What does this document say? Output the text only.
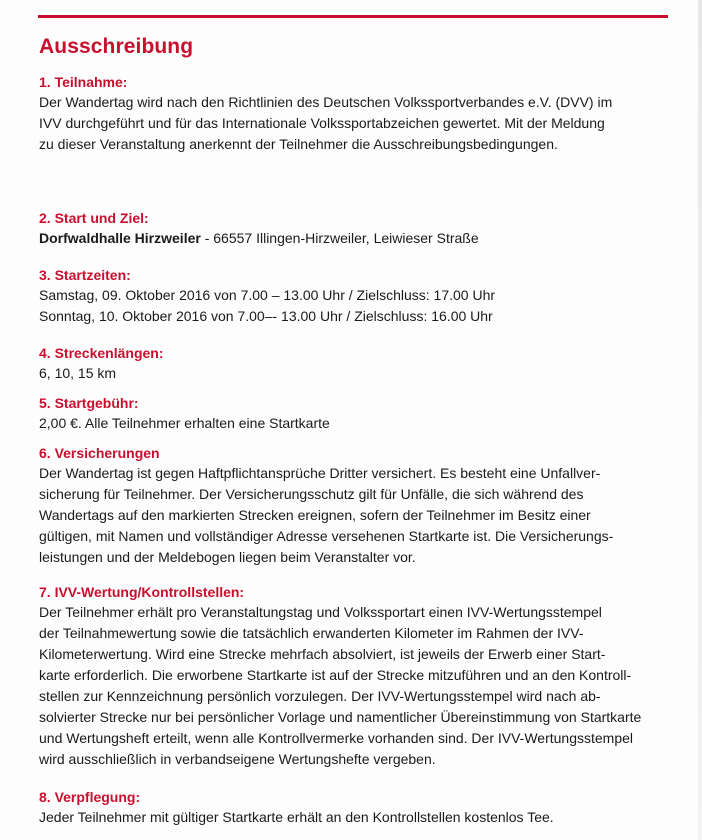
Ausschreibung

1. Teilnahme:

Der Wandertag wird nach den Richtlinien des Deutschen Volkssportverbandes e.V. (DVV) im

IVV durchgeführt und für das Internationale Volkssportabzeichen gewertet. Mit der Meldung

zu dieser Veranstaltung anerkennt der Teilnehmer die Ausschreibungsbedingungen.

2. Start und Ziel:

Dorfwaldhalle Hirzweiler - 66557 Illingen-Hirzweiler, Leiwieser Straße

3. Startzeiten:

Samstag, 09. Oktober 2016 von 7.00 – 13.00 Uhr / Zielschluss: 17.00 Uhr

Sonntag, 10. Oktober 2016 von 7.00–- 13.00 Uhr / Zielschluss: 16.00 Uhr

4. Streckenlängen:

6, 10, 15 km

5. Startgebühr:

2,00 €. Alle Teilnehmer erhalten eine Startkarte

6. Versicherungen

Der Wandertag ist gegen Haftpflichtansprüche Dritter versichert. Es besteht eine Unfallver-

sicherung für Teilnehmer. Der Versicherungsschutz gilt für Unfälle, die sich während des

Wandertags auf den markierten Strecken ereignen, sofern der Teilnehmer im Besitz einer

gültigen, mit Namen und vollständiger Adresse versehenen Startkarte ist. Die Versicherungs-

leistungen und der Meldebogen liegen beim Veranstalter vor.

7. IVV-Wertung/Kontrollstellen:

Der Teilnehmer erhält pro Veranstaltungstag und Volkssportart einen IVV-Wertungsstempel

der Teilnahmewertung sowie die tatsächlich erwanderten Kilometer im Rahmen der IVV-

Kilometerwertung. Wird eine Strecke mehrfach absolviert, ist jeweils der Erwerb einer Start-

karte erforderlich. Die erworbene Startkarte ist auf der Strecke mitzuführen und an den Kontroll-

stellen zur Kennzeichnung persönlich vorzulegen. Der IVV-Wertungsstempel wird nach ab-

solvierter Strecke nur bei persönlicher Vorlage und namentlicher Übereinstimmung von Startkarte

und Wertungsheft erteilt, wenn alle Kontrollvermerke vorhanden sind. Der IVV-Wertungsstempel

wird ausschließlich in verbandseigene Wertungshefte vergeben.

8. Verpflegung:

Jeder Teilnehmer mit gültiger Startkarte erhält an den Kontrollstellen kostenlos Tee.
